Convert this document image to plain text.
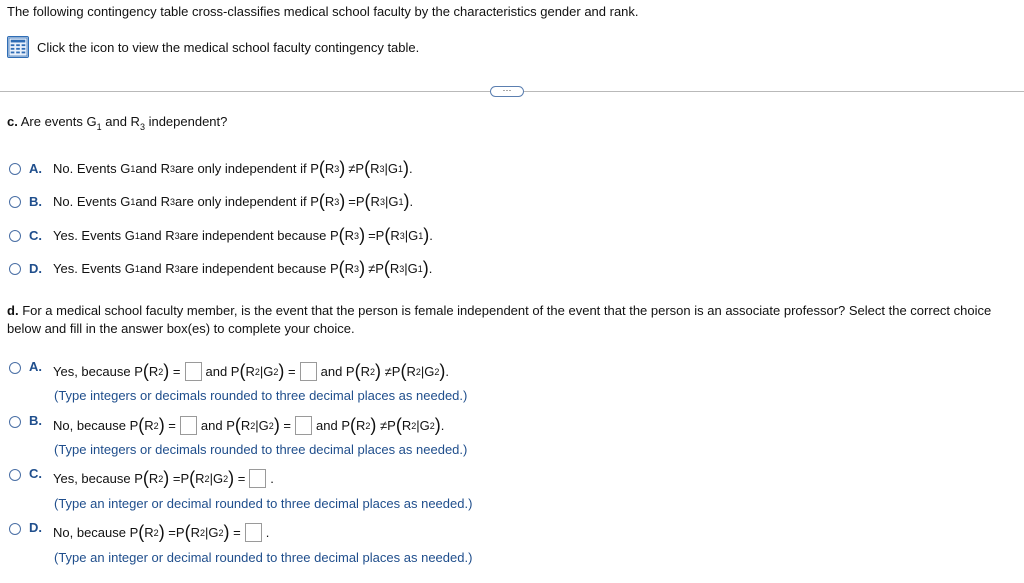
The following contingency table cross-classifies medical school faculty by the characteristics gender and rank.
Click the icon to view the medical school faculty contingency table.
···
c. Are events $G_1$ and $R_3$ independent?
A. No. Events G 1 and R 3 are only independent if P ( R 3 ) ≠P ( R 3 |G 1 ) .
B. No. Events G 1 and R 3 are only independent if P ( R 3 ) =P ( R 3 |G 1 ) .
C. Yes. Events G 1 and R 3 are independent because P ( R 3 ) =P ( R 3 |G 1 ) .
D. Yes. Events G 1 and R 3 are independent because P ( R 3 ) ≠P ( R 3 |G 1 ) .
d. For a medical school faculty member, is the event that the person is female independent of the event that the person is an associate professor? Select the correct choice below and fill in the answer box(es) to complete your choice.
A. Yes, because P ( R 2 ) = and P ( R 2 |G 2 ) = and P ( R 2 ) ≠P ( R 2 |G 2 ) .
(Type integers or decimals rounded to three decimal places as needed.)
B. No, because P ( R 2 ) = and P ( R 2 |G 2 ) = and P ( R 2 ) ≠P ( R 2 |G 2 ) .
(Type integers or decimals rounded to three decimal places as needed.)
C. Yes, because P ( R 2 ) =P ( R 2 |G 2 ) = .
(Type an integer or decimal rounded to three decimal places as needed.)
D. No, because P ( R 2 ) =P ( R 2 |G 2 ) = .
(Type an integer or decimal rounded to three decimal places as needed.)
